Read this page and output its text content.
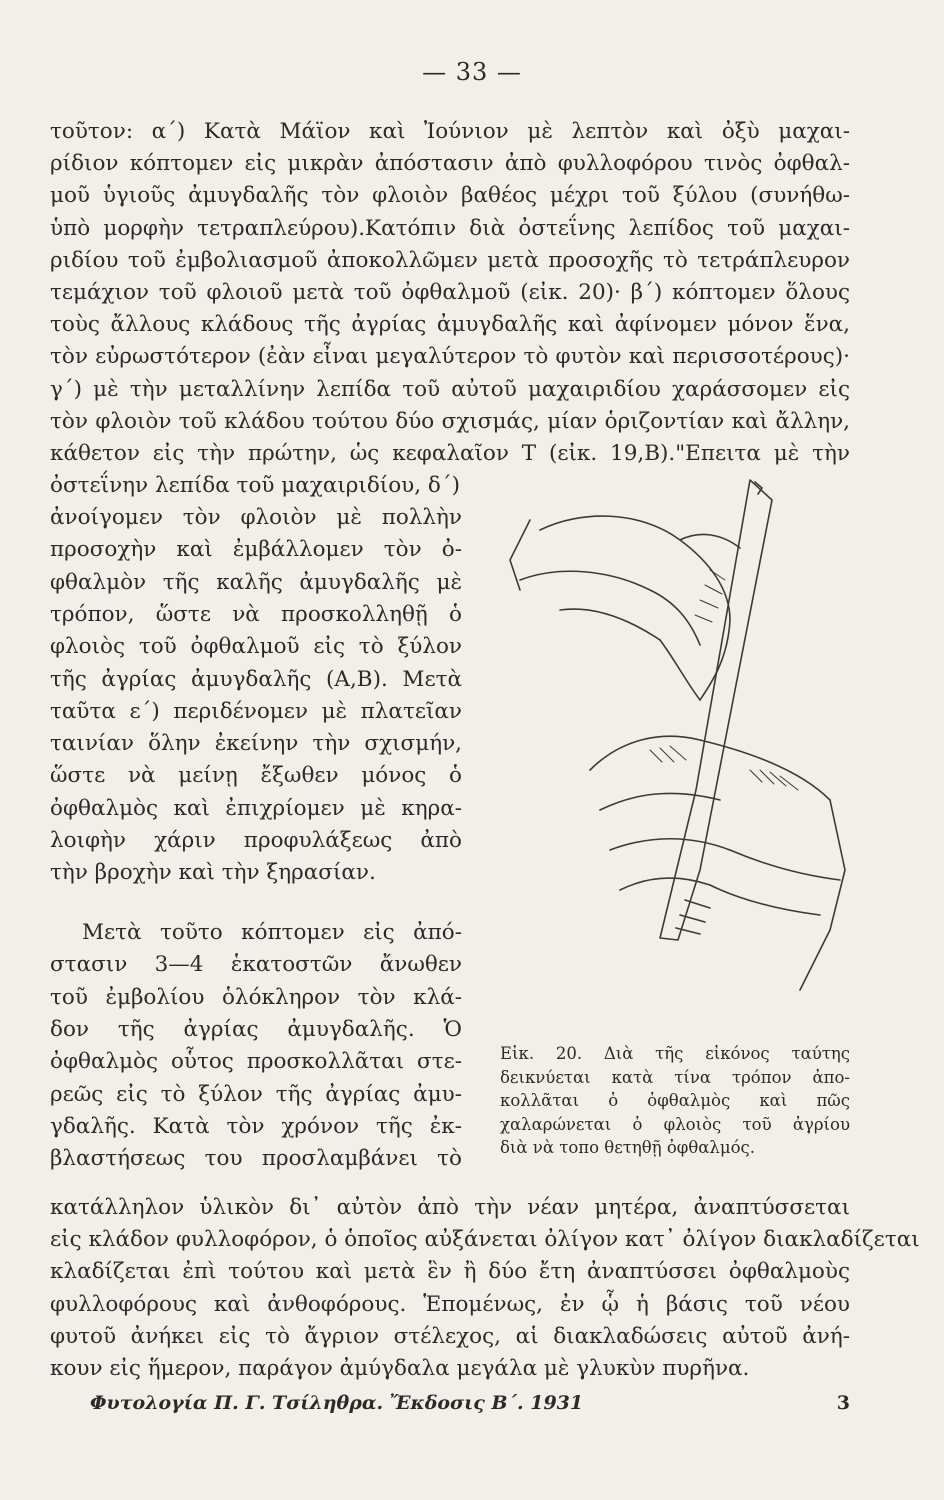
— 33 —
τοῦτον: α΄) Κατὰ Μάϊον καὶ Ἰούνιον μὲ λεπτὸν καὶ ὀξὺ μαχαι-
ρίδιον κόπτομεν εἰς μικρὰν ἀπόστασιν ἀπὸ φυλλοφόρου τινὸς ὀφθαλ-
μοῦ ὑγιοῦς ἀμυγδαλῆς τὸν φλοιὸν βαθέος μέχρι τοῦ ξύλου (συνήθω-
ὑπὸ μορφὴν τετραπλεύρου).Κατόπιν διὰ ὀστεΐνης λεπίδος τοῦ μαχαι-
ριδίου τοῦ ἐμβολιασμοῦ ἀποκολλῶμεν μετὰ προσοχῆς τὸ τετράπλευρον
τεμάχιον τοῦ φλοιοῦ μετὰ τοῦ ὀφθαλμοῦ (εἰκ. 20)· β΄) κόπτομεν ὅλους
τοὺς ἄλλους κλάδους τῆς ἀγρίας ἀμυγδαλῆς καὶ ἀφίνομεν μόνον ἕνα,
τὸν εὐρωστότερον (ἐὰν εἶναι μεγαλύτερον τὸ φυτὸν καὶ περισσοτέρους)·
γ΄) μὲ τὴν μεταλλίνην λεπίδα τοῦ αὐτοῦ μαχαιριδίου χαράσσομεν εἰς
τὸν φλοιὸν τοῦ κλάδου τούτου δύο σχισμάς, μίαν ὁριζοντίαν καὶ ἄλλην,
κάθετον εἰς τὴν πρώτην, ὡς κεφαλαῖον Τ (εἰκ. 19,Β)."Επειτα μὲ τὴν
ὀστεΐνην λεπίδα τοῦ μαχαιριδίου, δ΄)
ἀνοίγομεν τὸν φλοιὸν μὲ πολλὴν
προσοχὴν καὶ ἐμβάλλομεν τὸν ὀ-
φθαλμὸν τῆς καλῆς ἀμυγδαλῆς μὲ
τρόπον, ὥστε νὰ προσκολληθῇ ὁ
φλοιὸς τοῦ ὀφθαλμοῦ εἰς τὸ ξύλον
τῆς ἀγρίας ἀμυγδαλῆς (Α,Β). Μετὰ
ταῦτα ε΄) περιδένομεν μὲ πλατεῖαν
ταινίαν ὅλην ἐκείνην τὴν σχισμήν,
ὥστε νὰ μείνῃ ἔξωθεν μόνος ὁ
ὀφθαλμὸς καὶ ἐπιχρίομεν μὲ κηρα-
λοιφὴν χάριν προφυλάξεως ἀπὸ
τὴν βροχὴν καὶ τὴν ξηρασίαν.
Μετὰ τοῦτο κόπτομεν εἰς ἀπό-
στασιν 3—4 ἑκατοστῶν ἄνωθεν
τοῦ ἐμβολίου ὁλόκληρον τὸν κλά-
δον τῆς ἀγρίας ἀμυγδαλῆς. Ὁ
ὀφθαλμὸς οὗτος προσκολλᾶται στε-
ρεῶς εἰς τὸ ξύλον τῆς ἀγρίας ἀμυ-
γδαλῆς. Κατὰ τὸν χρόνον τῆς ἐκ-
βλαστήσεως του προσλαμβάνει τὸ
κατάλληλον ὑλικὸν δι᾽ αὐτὸν ἀπὸ τὴν νέαν μητέρα, ἀναπτύσσεται
εἰς κλάδον φυλλοφόρον, ὁ ὁποῖος αὐξάνεται ὀλίγον κατ᾽ ὀλίγον διακλαδίζεται
κλαδίζεται ἐπὶ τούτου καὶ μετὰ ἓν ἢ δύο ἔτη ἀναπτύσσει ὀφθαλμοὺς
φυλλοφόρους καὶ ἀνθοφόρους. Ἑπομένως, ἐν ᾧ ἡ βάσις τοῦ νέου
φυτοῦ ἀνήκει εἰς τὸ ἄγριον στέλεχος, αἱ διακλαδώσεις αὐτοῦ ἀνή-
κουν εἰς ἥμερον, παράγον ἀμύγδαλα μεγάλα μὲ γλυκὺν πυρῆνα.
Εἰκ. 20. Διὰ τῆς εἰκόνος ταύτης
δεικνύεται κατὰ τίνα τρόπον ἀπο-
κολλᾶται ὁ ὀφθαλμὸς καὶ πῶς
χαλαρώνεται ὁ φλοιὸς τοῦ ἀγρίου
διὰ νὰ τοπο θετηθῇ ὀφθαλμός.
Φυτολογία Π. Γ. Τσίληθρα. Ἔκδοσις Β΄. 1931	3
